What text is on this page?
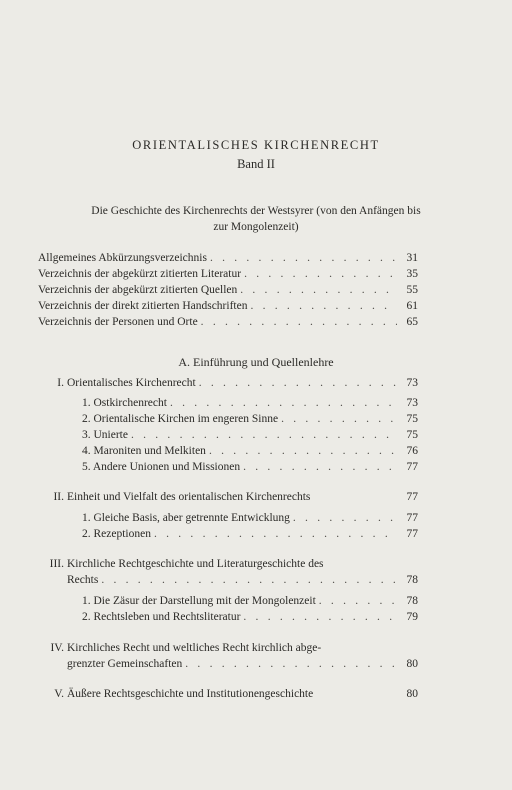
ORIENTALISCHES KIRCHENRECHT
Band II
Die Geschichte des Kirchenrechts der Westsyrer (von den Anfängen bis
zur Mongolenzeit)
Allgemeines Abkürzungsverzeichnis . . .	31
Verzeichnis der abgekürzt zitierten Literatur . . .	35
Verzeichnis der abgekürzt zitierten Quellen . . .	55
Verzeichnis der direkt zitierten Handschriften . . .	61
Verzeichnis der Personen und Orte . . .	65
A. Einführung und Quellenlehre
I. Orientalisches Kirchenrecht . . .	73
1. Ostkirchenrecht . . .	73
2. Orientalische Kirchen im engeren Sinne . . .	75
3. Unierte . . .	75
4. Maroniten und Melkiten . . .	76
5. Andere Unionen und Missionen . . .	77
II. Einheit und Vielfalt des orientalischen Kirchenrechts	77
1. Gleiche Basis, aber getrennte Entwicklung . . .	77
2. Rezeptionen . . .	77
III. Kirchliche Rechtgeschichte und Literaturgeschichte des
Rechts . . .	78
1. Die Zäsur der Darstellung mit der Mongolenzeit . . .	78
2. Rechtsleben und Rechtsliteratur . . .	79
IV. Kirchliches Recht und weltliches Recht kirchlich abge-
grenzter Gemeinschaften . . .	80
V. Äußere Rechtsgeschichte und Institutionengeschichte	80
